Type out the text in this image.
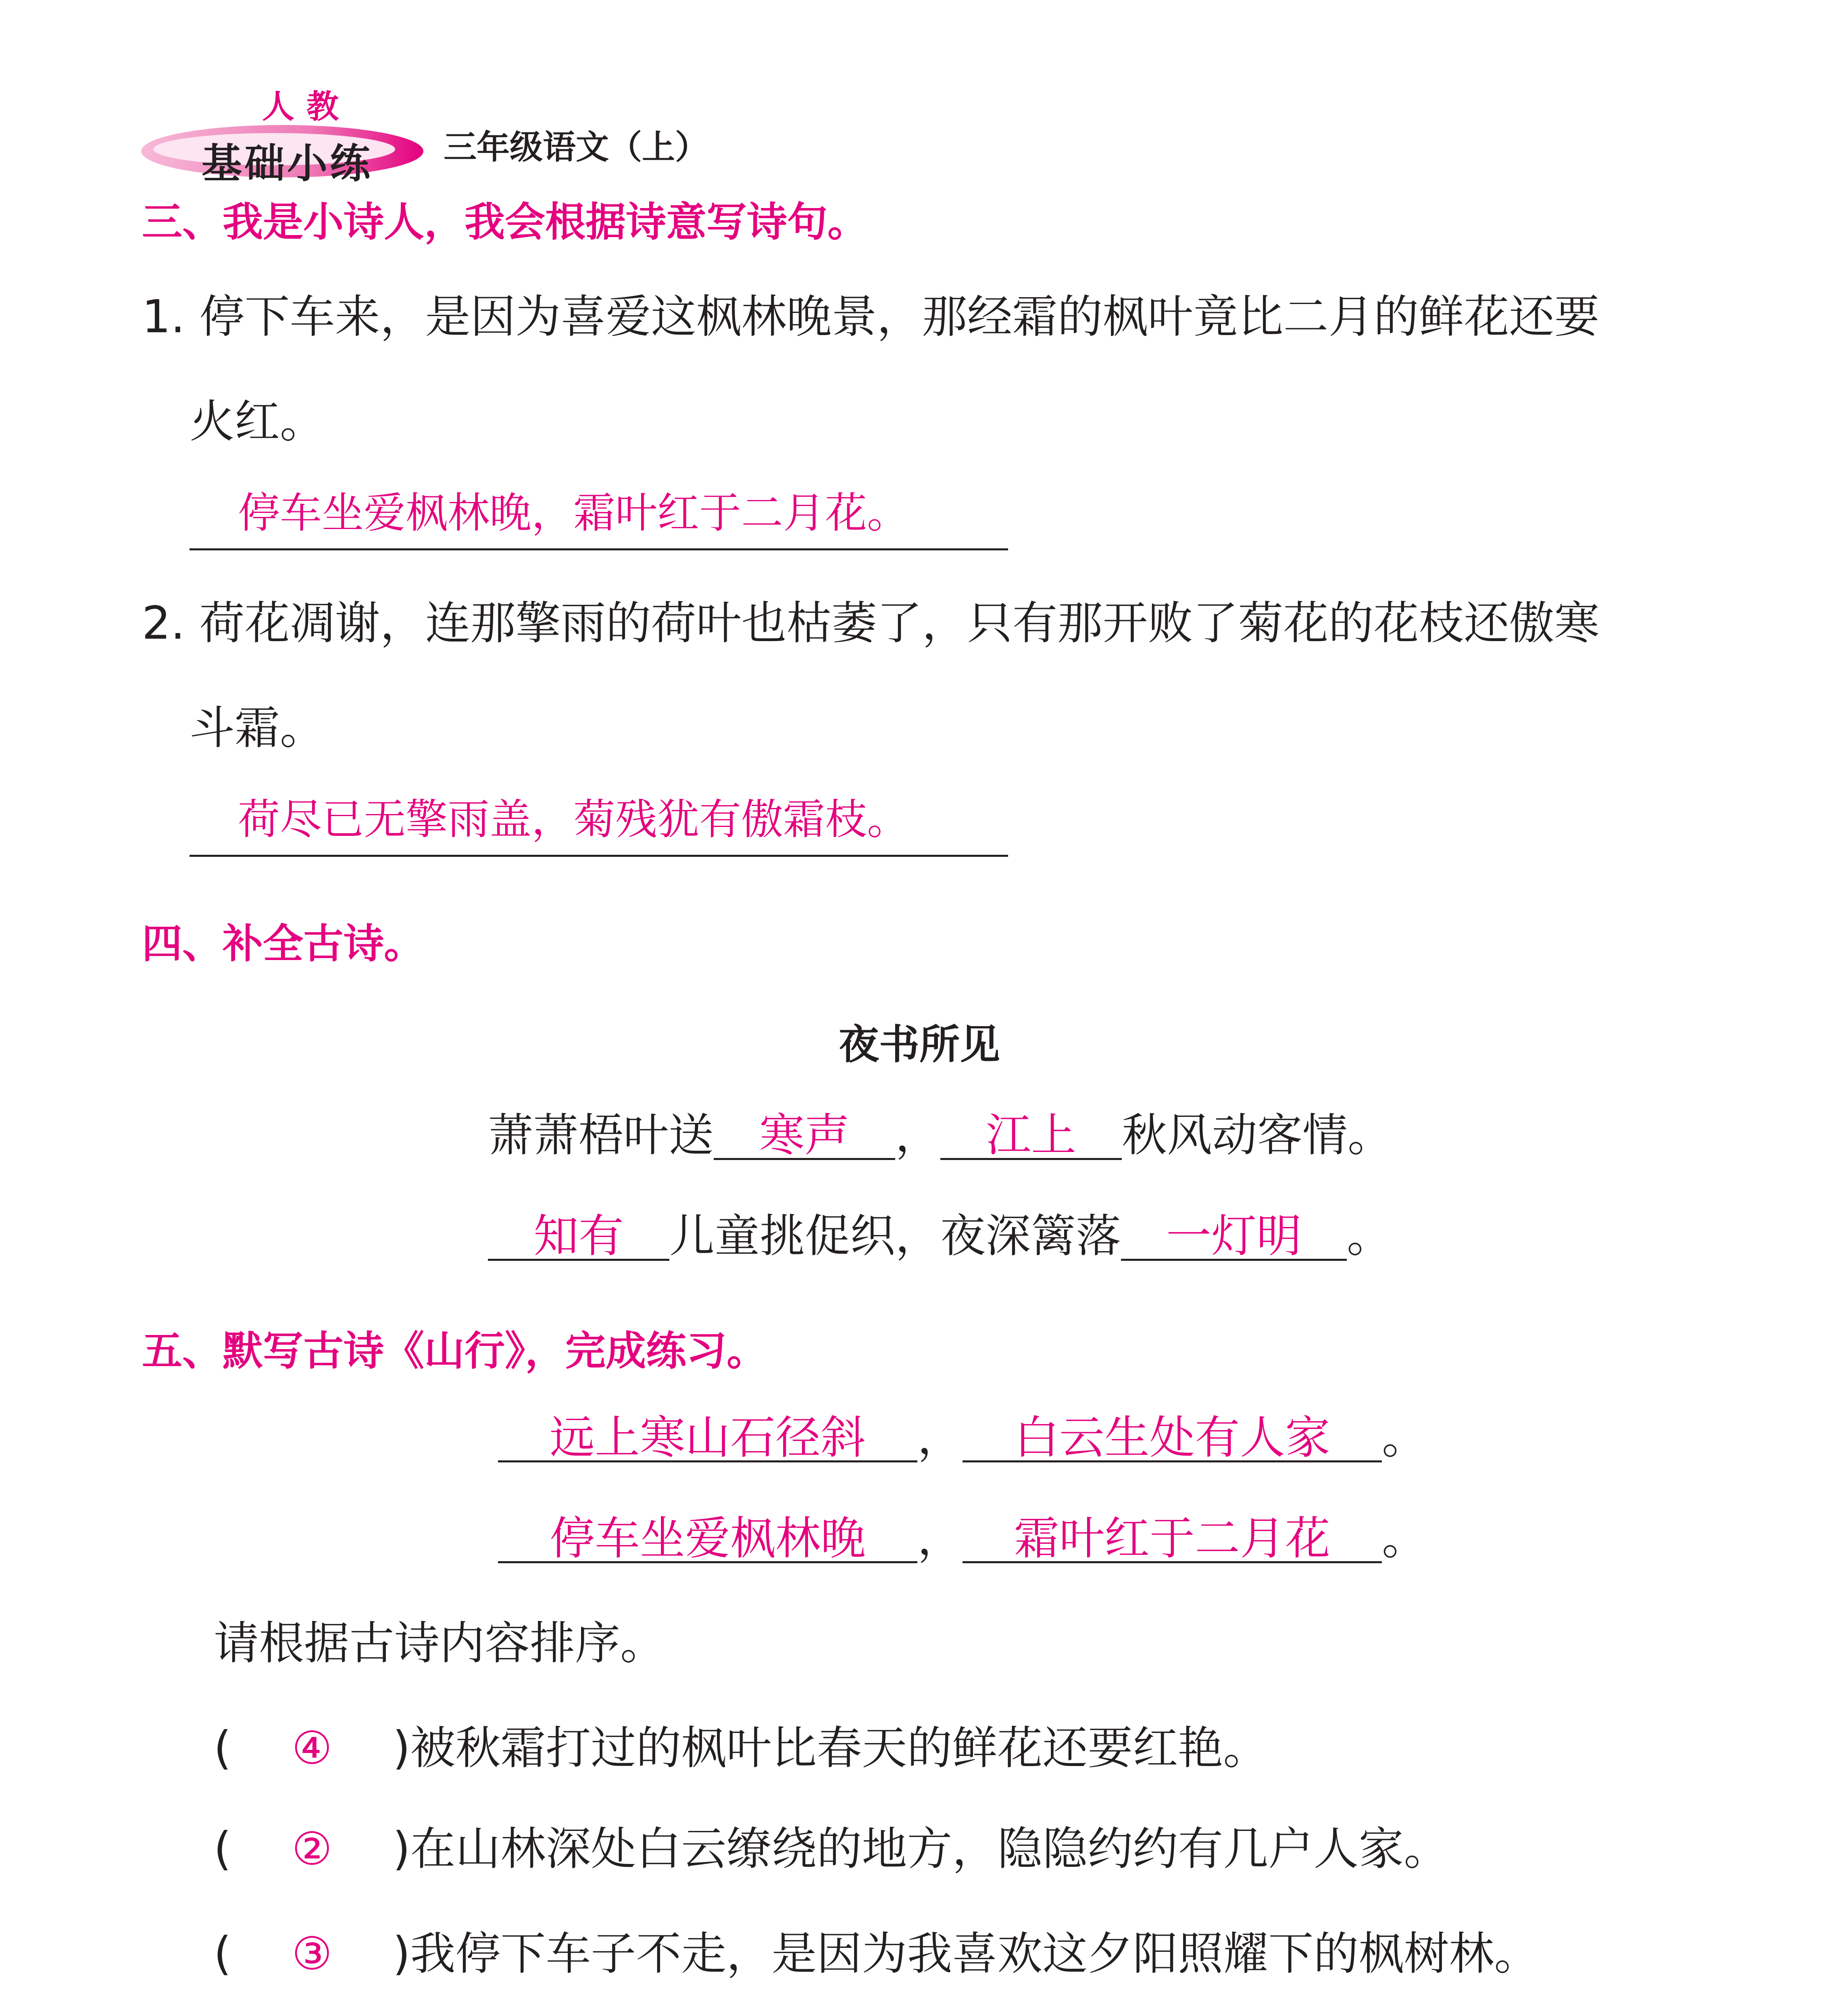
人教
基础小练 三年级语文（上）
三、我是小诗人，我会根据诗意写诗句。
1. 停下车来，是因为喜爱这枫林晚景，那经霜的枫叶竟比二月的鲜花还要
火红。
停车坐爱枫林晚，霜叶红于二月花。
2. 荷花凋谢，连那擎雨的荷叶也枯萎了，只有那开败了菊花的花枝还傲寒
斗霜。
荷尽已无擎雨盖，菊残犹有傲霜枝。
四、补全古诗。
夜书所见
萧萧梧叶送 寒声 ， 江上 秋风动客情。
知有 儿童挑促织，夜深篱落 一灯明 。
五、默写古诗《山行》，完成练习。
远上寒山石径斜 ， 白云生处有人家 。
停车坐爱枫林晚 ， 霜叶红于二月花 。
请根据古诗内容排序。
( ④ )被秋霜打过的枫叶比春天的鲜花还要红艳。
( ② )在山林深处白云缭绕的地方，隐隐约约有几户人家。
( ③ )我停下车子不走，是因为我喜欢这夕阳照耀下的枫树林。
